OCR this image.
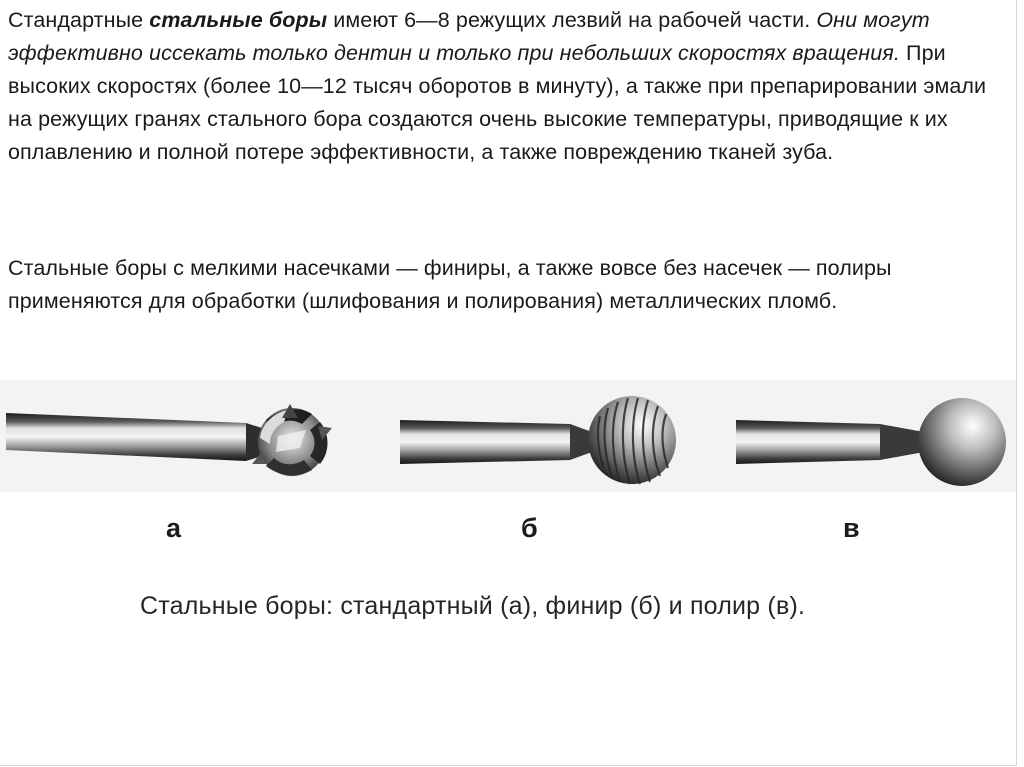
Стандартные стальные боры имеют 6—8 режущих лезвий на рабочей части. Они могут эффективно иссекать только дентин и только при небольших скоростях вращения. При высоких скоростях (более 10—12 тысяч оборотов в минуту), а также при препарировании эмали на режущих гранях стального бора создаются очень высокие температуры, приводящие к их оплавлению и полной потере эффективности, а также повреждению тканей зуба.

Стальные боры с мелкими насечками — финиры, а также вовсе без насечек — полиры применяются для обработки (шлифования и полирования) металлических пломб.

а	б	в
Стальные боры: стандартный (а), финир (б) и полир (в).
